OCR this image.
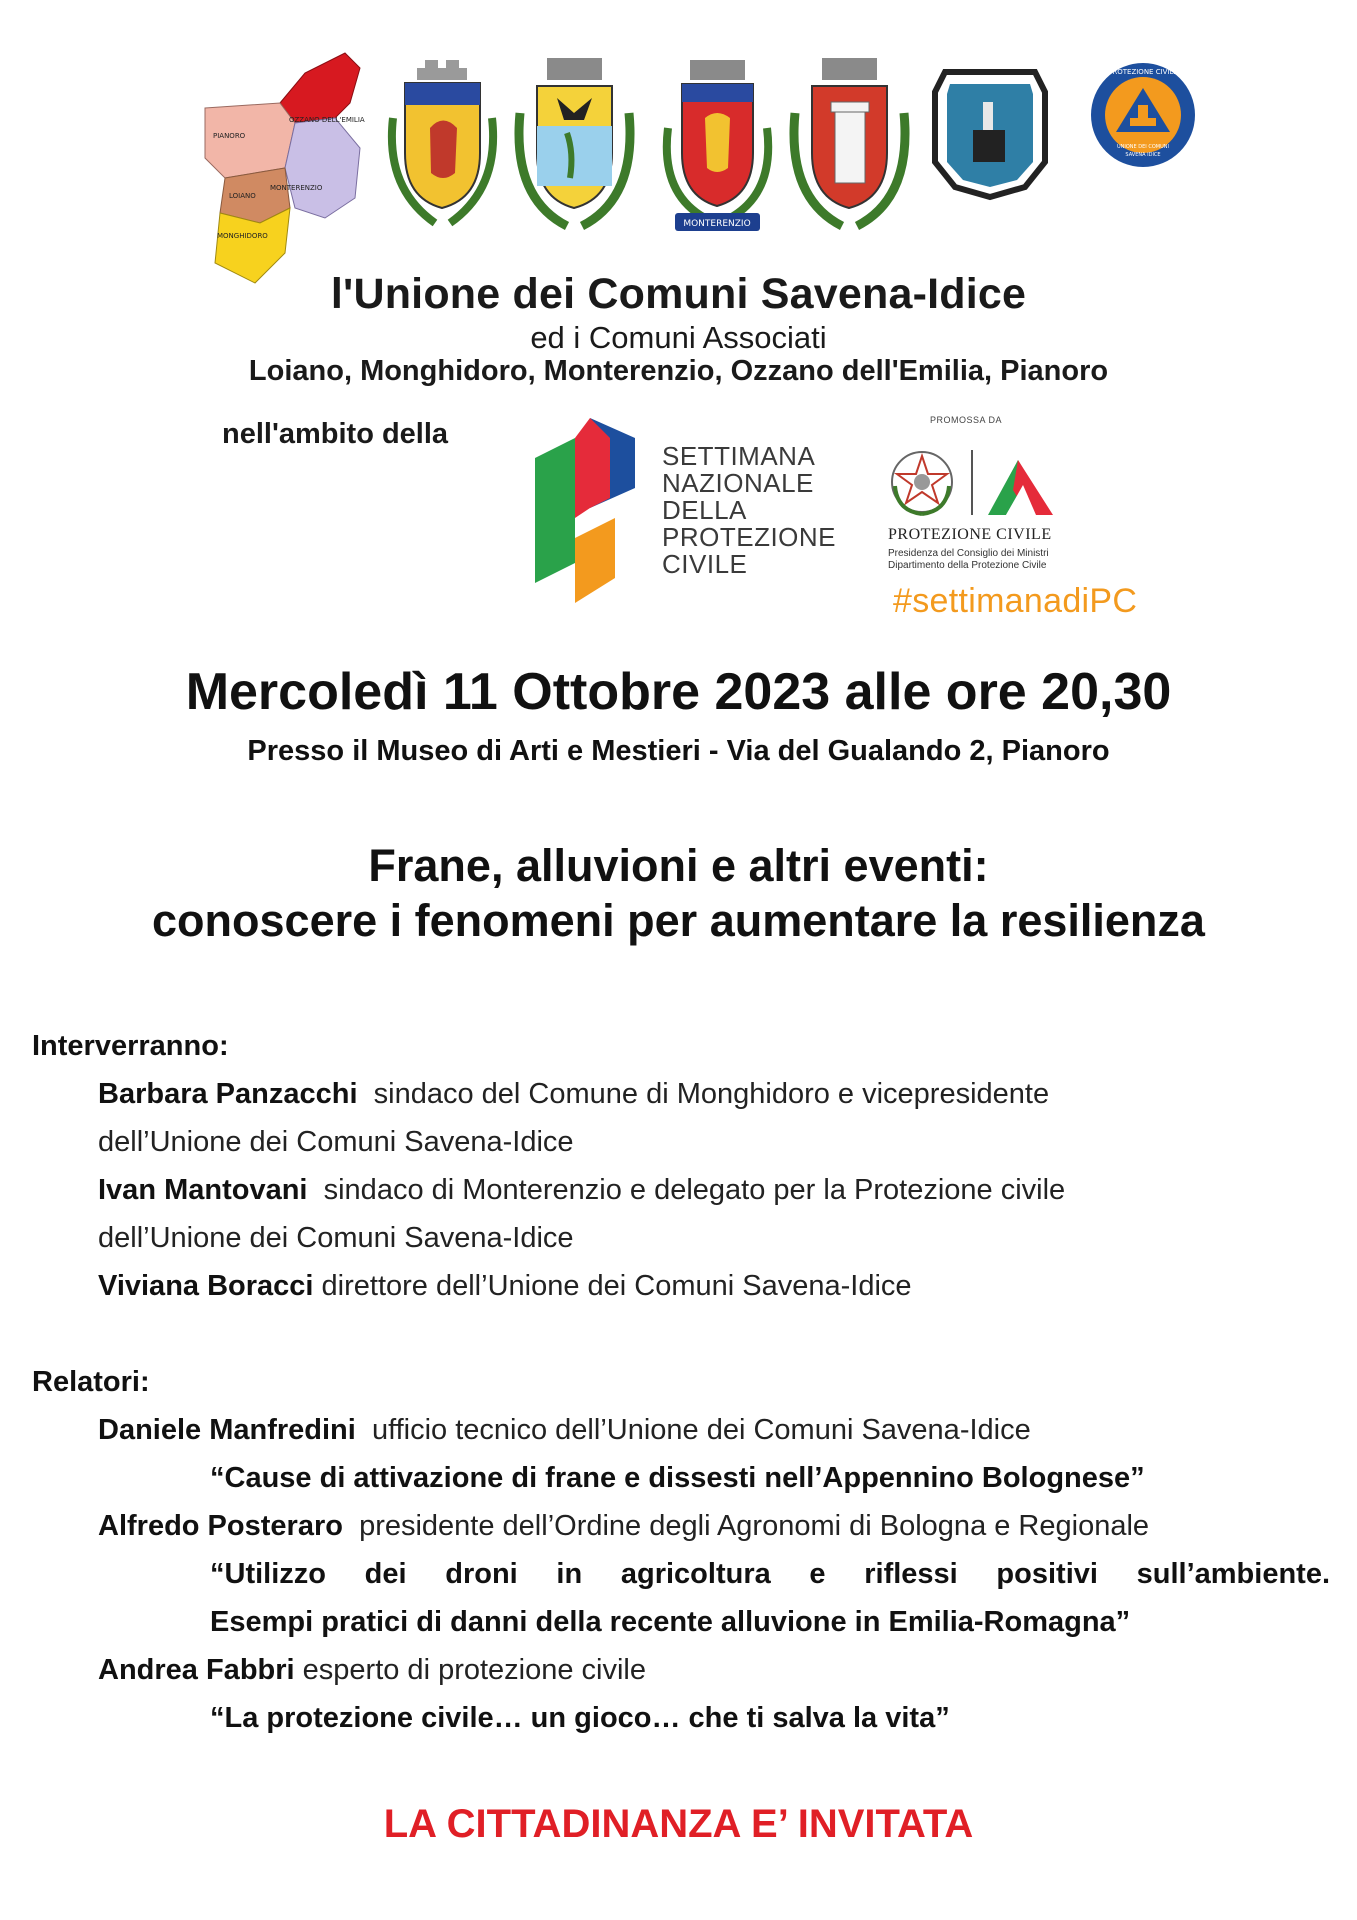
OZZANO DELL'EMILIA
PIANORO
MONTERENZIO
LOIANO
MONGHIDORO
MONTERENZIO
PROTEZIONE CIVILE
UNIONE DEI COMUNI
SAVENA IDICE
l'Unione dei Comuni Savena-Idice
ed i Comuni Associati
Loiano, Monghidoro, Monterenzio, Ozzano dell'Emilia, Pianoro
nell'ambito della
SETTIMANA
NAZIONALE
DELLA
PROTEZIONE
CIVILE
PROMOSSA DA
PROTEZIONE CIVILE
Presidenza del Consiglio dei Ministri
Dipartimento della Protezione Civile
#settimanadiPC
Mercoledì 11 Ottobre 2023 alle ore 20,30
Presso il Museo di Arti e Mestieri - Via del Gualando 2, Pianoro
Frane, alluvioni e altri eventi:
conoscere i fenomeni per aumentare la resilienza
Interverranno:
Barbara Panzacchi  sindaco del Comune di Monghidoro e vicepresidente
dell’Unione dei Comuni Savena-Idice
Ivan Mantovani  sindaco di Monterenzio e delegato per la Protezione civile
dell’Unione dei Comuni Savena-Idice
Viviana Boracci direttore dell’Unione dei Comuni Savena-Idice
Relatori:
Daniele Manfredini  ufficio tecnico dell’Unione dei Comuni Savena-Idice
“Cause di attivazione di frane e dissesti nell’Appennino Bolognese”
Alfredo Posteraro  presidente dell’Ordine degli Agronomi di Bologna e Regionale
“Utilizzo dei droni in agricoltura e riflessi positivi sull’ambiente.
Esempi pratici di danni della recente alluvione in Emilia-Romagna”
Andrea Fabbri esperto di protezione civile
“La protezione civile… un gioco… che ti salva la vita”
LA CITTADINANZA E’ INVITATA
